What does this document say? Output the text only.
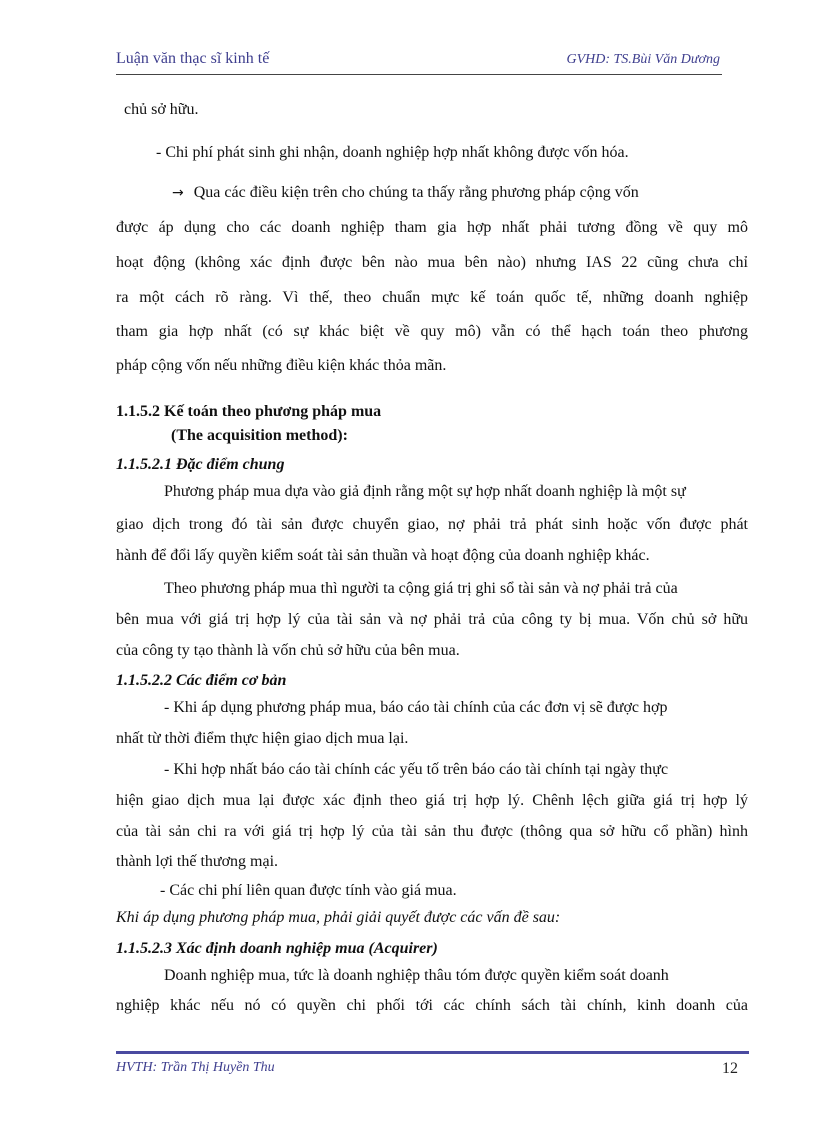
Luận văn thạc sĩ kinh tế	GVHD: TS.Bùi Văn Dương
chủ sở hữu.
- Chi phí phát sinh ghi nhận, doanh nghiệp hợp nhất không được vốn hóa.
→ Qua các điều kiện trên cho chúng ta thấy rằng phương pháp cộng vốn
được áp dụng cho các doanh nghiệp tham gia hợp nhất phải tương đồng về quy mô
hoạt động (không xác định được bên nào mua bên nào) nhưng IAS 22 cũng chưa chỉ
ra một cách rõ ràng. Vì thế, theo chuẩn mực kế toán quốc tế, những doanh nghiệp
tham gia hợp nhất (có sự khác biệt về quy mô) vẫn có thể hạch toán theo phương
pháp cộng vốn nếu những điều kiện khác thỏa mãn.
1.1.5.2 Kế toán theo phương pháp mua
(The acquisition method):
1.1.5.2.1 Đặc điểm chung
Phương pháp mua dựa vào giả định rằng một sự hợp nhất doanh nghiệp là một sự
giao dịch trong đó tài sản được chuyển giao, nợ phải trả phát sinh hoặc vốn được phát
hành để đổi lấy quyền kiểm soát tài sản thuần và hoạt động của doanh nghiệp khác.
Theo phương pháp mua thì người ta cộng giá trị ghi sổ tài sản và nợ phải trả của
bên mua với giá trị hợp lý của tài sản và nợ phải trả của công ty bị mua. Vốn chủ sở hữu
của công ty tạo thành là vốn chủ sở hữu của bên mua.
1.1.5.2.2 Các điểm cơ bản
- Khi áp dụng phương pháp mua, báo cáo tài chính của các đơn vị sẽ được hợp
nhất từ thời điểm thực hiện giao dịch mua lại.
- Khi hợp nhất báo cáo tài chính các yếu tố trên báo cáo tài chính tại ngày thực
hiện giao dịch mua lại được xác định theo giá trị hợp lý. Chênh lệch giữa giá trị hợp lý
của tài sản chi ra với giá trị hợp lý của tài sản thu được (thông qua sở hữu cổ phần) hình
thành lợi thế thương mại.
- Các chi phí liên quan được tính vào giá mua.
Khi áp dụng phương pháp mua, phải giải quyết được các vấn đề sau:
1.1.5.2.3 Xác định doanh nghiệp mua (Acquirer)
Doanh nghiệp mua, tức là doanh nghiệp thâu tóm được quyền kiểm soát doanh
nghiệp khác nếu nó có quyền chi phối tới các chính sách tài chính, kinh doanh của
HVTH: Trần Thị Huyền Thu	12
